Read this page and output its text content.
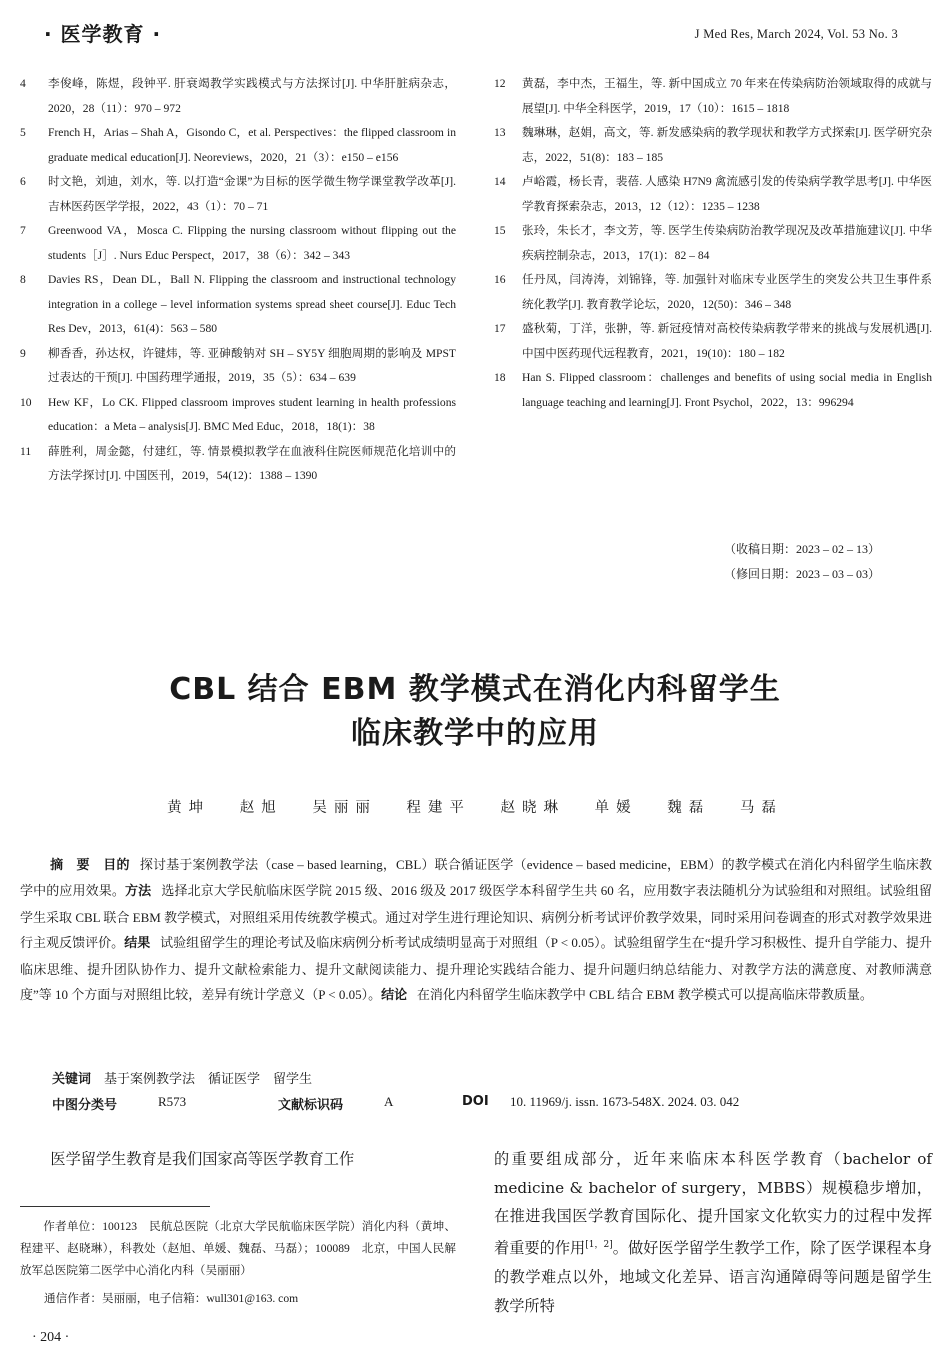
· 医学教育 ·	J Med Res, March 2024, Vol. 53 No. 3
4	李俊峰，陈煜，段钟平. 肝衰竭教学实践模式与方法探讨[J]. 中华肝脏病杂志，2020，28（11）：970 – 972
5	French H，Arias – Shah A，Gisondo C，et al. Perspectives：the flipped classroom in graduate medical education[J]. Neoreviews，2020，21（3）：e150 – e156
6	时文艳，刘迪，刘水，等. 以打造“金课”为目标的医学微生物学课堂教学改革[J]. 吉林医药医学学报，2022，43（1）：70 – 71
7	Greenwood VA，Mosca C. Flipping the nursing classroom without flipping out the students［J］. Nurs Educ Perspect，2017，38（6）：342 – 343
8	Davies RS，Dean DL，Ball N. Flipping the classroom and instructional technology integration in a college – level information systems spread sheet course[J]. Educ Tech Res Dev，2013，61(4)：563 – 580
9	柳香香，孙达权，许键炜，等. 亚砷酸钠对 SH – SY5Y 细胞周期的影响及 MPST 过表达的干预[J]. 中国药理学通报，2019，35（5）：634 – 639
10	Hew KF，Lo CK. Flipped classroom improves student learning in health professions education：a Meta – analysis[J]. BMC Med Educ，2018，18(1)：38
11	薛胜利，周金懿，付建红，等. 情景模拟教学在血液科住院医师规范化培训中的方法学探讨[J]. 中国医刊，2019，54(12)：1388 – 1390
12	黄磊，李中杰，王福生，等. 新中国成立 70 年来在传染病防治领域取得的成就与展望[J]. 中华全科医学，2019，17（10）：1615 – 1818
13	魏琳琳，赵娟，高文，等. 新发感染病的教学现状和教学方式探索[J]. 医学研究杂志，2022，51(8)：183 – 185
14	卢峪霞，杨长青，裴蓓. 人感染 H7N9 禽流感引发的传染病学教学思考[J]. 中华医学教育探索杂志，2013，12（12）：1235 – 1238
15	张玲，朱长才，李文芳，等. 医学生传染病防治教学现况及改革措施建议[J]. 中华疾病控制杂志，2013，17(1)：82 – 84
16	任丹凤，闫涛涛，刘锦锋，等. 加强针对临床专业医学生的突发公共卫生事件系统化教学[J]. 教育教学论坛，2020，12(50)：346 – 348
17	盛秋菊，丁洋，张翀，等. 新冠疫情对高校传染病教学带来的挑战与发展机遇[J]. 中国中医药现代远程教育，2021，19(10)：180 – 182
18	Han S. Flipped classroom：challenges and benefits of using social media in English language teaching and learning[J]. Front Psychol，2022，13：996294
（收稿日期：2023 – 02 – 13）
（修回日期：2023 – 03 – 03）
CBL 结合 EBM 教学模式在消化内科留学生
临床教学中的应用
黄坤 赵旭 吴丽丽 程建平 赵晓琳 单媛 魏磊 马磊
摘　要 目的 探讨基于案例教学法（case – based learning，CBL）联合循证医学（evidence – based medicine，EBM）的教学模式在消化内科留学生临床教学中的应用效果。方法 选择北京大学民航临床医学院 2015 级、2016 级及 2017 级医学本科留学生共 60 名，应用数字表法随机分为试验组和对照组。试验组留学生采取 CBL 联合 EBM 教学模式，对照组采用传统教学模式。通过对学生进行理论知识、病例分析考试评价教学效果，同时采用问卷调查的形式对教学效果进行主观反馈评价。结果 试验组留学生的理论考试及临床病例分析考试成绩明显高于对照组（P < 0.05）。试验组留学生在“提升学习积极性、提升自学能力、提升临床思维、提升团队协作力、提升文献检索能力、提升文献阅读能力、提升理论实践结合能力、提升问题归纳总结能力、对教学方法的满意度、对教师满意度”等 10 个方面与对照组比较，差异有统计学意义（P < 0.05）。结论 在消化内科留学生临床教学中 CBL 结合 EBM 教学模式可以提高临床带教质量。
关键词 基于案例教学法　循证医学　留学生
中图分类号	R573	文献标识码	A	DOI 10. 11969/j. issn. 1673-548X. 2024. 03. 042
医学留学生教育是我们国家高等医学教育工作	的重要组成部分，近年来临床本科医学教育（bachelor of medicine & bachelor of surgery，MBBS）规模稳步增加，在推进我国医学教育国际化、提升国家文化软实力的过程中发挥着重要的作用[1，2]。做好医学留学生教学工作，除了医学课程本身的教学难点以外，地域文化差异、语言沟通障碍等问题是留学生教学所特
作者单位：100123　民航总医院（北京大学民航临床医学院）消化内科（黄坤、程建平、赵晓琳），科教处（赵旭、单媛、魏磊、马磊）；100089　北京，中国人民解放军总医院第二医学中心消化内科（吴丽丽）
通信作者：吴丽丽，电子信箱：wull301@163. com
· 204 ·
